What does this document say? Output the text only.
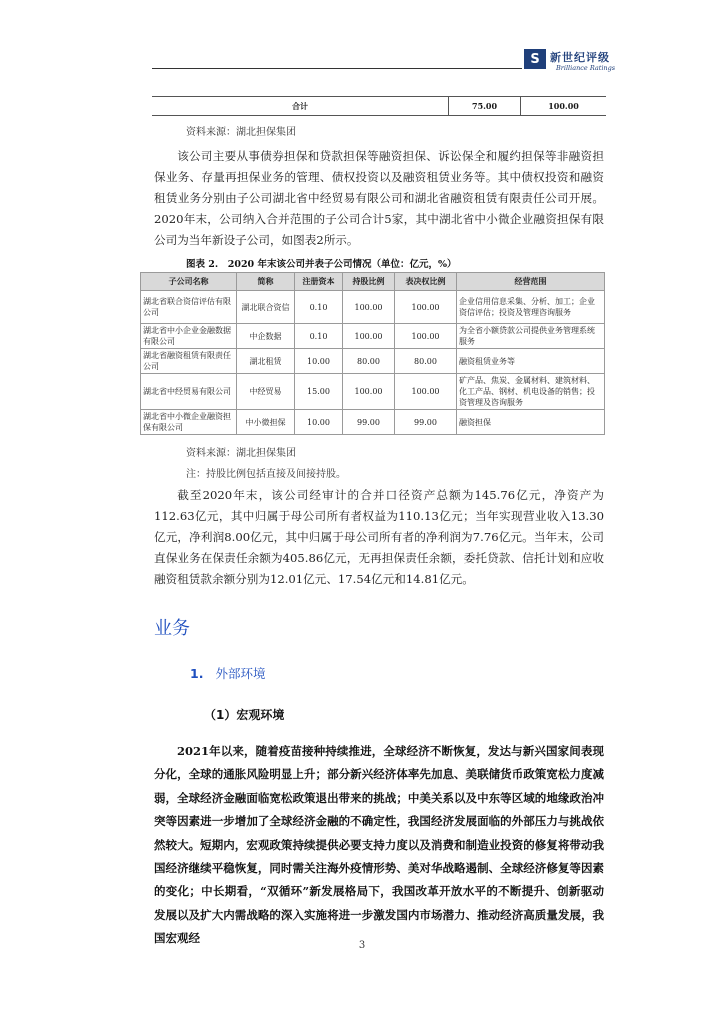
S 新世纪评级
Brilliance Ratings
合计	75.00	100.00
资料来源：湖北担保集团
该公司主要从事债券担保和贷款担保等融资担保、诉讼保全和履约担保等非融资担保业务、存量再担保业务的管理、债权投资以及融资租赁业务等。其中债权投资和融资租赁业务分别由子公司湖北省中经贸易有限公司和湖北省融资租赁有限责任公司开展。2020年末，公司纳入合并范围的子公司合计5家，其中湖北省中小微企业融资担保有限公司为当年新设子公司，如图表2所示。
图表 2.　2020 年末该公司并表子公司情况（单位：亿元，%）
子公司名称	简称	注册资本	持股比例	表决权比例	经营范围
湖北省联合资信评估有限公司	湖北联合资信	0.10	100.00	100.00	企业信用信息采集、分析、加工；企业资信评估；投资及管理咨询服务
湖北省中小企业金融数据有限公司	中企数据	0.10	100.00	100.00	为全省小额贷款公司提供业务管理系统服务
湖北省融资租赁有限责任公司	湖北租赁	10.00	80.00	80.00	融资租赁业务等
湖北省中经贸易有限公司	中经贸易	15.00	100.00	100.00	矿产品、焦炭、金属材料、建筑材料、化工产品、钢材、机电设备的销售；投资管理及咨询服务
湖北省中小微企业融资担保有限公司	中小微担保	10.00	99.00	99.00	融资担保
资料来源：湖北担保集团
注：持股比例包括直接及间接持股。
截至2020年末，该公司经审计的合并口径资产总额为145.76亿元，净资产为112.63亿元，其中归属于母公司所有者权益为110.13亿元；当年实现营业收入13.30亿元，净利润8.00亿元，其中归属于母公司所有者的净利润为7.76亿元。当年末，公司直保业务在保责任余额为405.86亿元，无再担保责任余额，委托贷款、信托计划和应收融资租赁款余额分别为12.01亿元、17.54亿元和14.81亿元。
业务
1. 外部环境
（1）宏观环境
2021年以来，随着疫苗接种持续推进，全球经济不断恢复，发达与新兴国家间表现分化，全球的通胀风险明显上升；部分新兴经济体率先加息、美联储货币政策宽松力度减弱，全球经济金融面临宽松政策退出带来的挑战；中美关系以及中东等区域的地缘政治冲突等因素进一步增加了全球经济金融的不确定性，我国经济发展面临的外部压力与挑战依然较大。短期内，宏观政策持续提供必要支持力度以及消费和制造业投资的修复将带动我国经济继续平稳恢复，同时需关注海外疫情形势、美对华战略遏制、全球经济修复等因素的变化；中长期看，“双循环”新发展格局下，我国改革开放水平的不断提升、创新驱动发展以及扩大内需战略的深入实施将进一步激发国内市场潜力、推动经济高质量发展，我国宏观经
3
